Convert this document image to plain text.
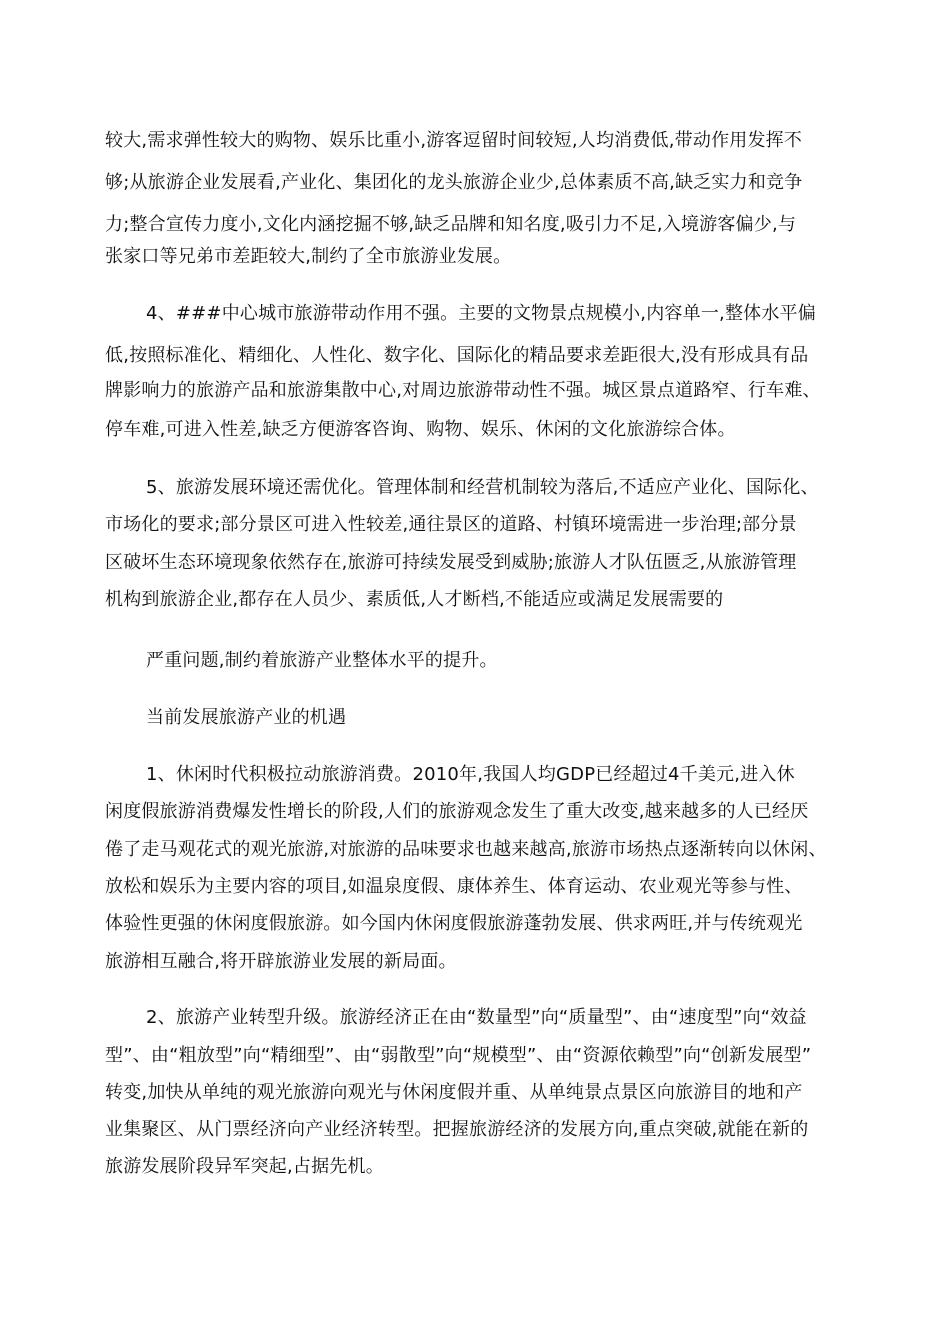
较大,需求弹性较大的购物、娱乐比重小,游客逗留时间较短,人均消费低,带动作用发挥不
够;从旅游企业发展看,产业化、集团化的龙头旅游企业少,总体素质不高,缺乏实力和竞争
力;整合宣传力度小,文化内涵挖掘不够,缺乏品牌和知名度,吸引力不足,入境游客偏少,与
张家口等兄弟市差距较大,制约了全市旅游业发展。
4、###中心城市旅游带动作用不强。主要的文物景点规模小,内容单一,整体水平偏
低,按照标准化、精细化、人性化、数字化、国际化的精品要求差距很大,没有形成具有品
牌影响力的旅游产品和旅游集散中心,对周边旅游带动性不强。城区景点道路窄、行车难、
停车难,可进入性差,缺乏方便游客咨询、购物、娱乐、休闲的文化旅游综合体。
5、旅游发展环境还需优化。管理体制和经营机制较为落后,不适应产业化、国际化、
市场化的要求;部分景区可进入性较差,通往景区的道路、村镇环境需进一步治理;部分景
区破坏生态环境现象依然存在,旅游可持续发展受到威胁;旅游人才队伍匮乏,从旅游管理
机构到旅游企业,都存在人员少、素质低,人才断档,不能适应或满足发展需要的
严重问题,制约着旅游产业整体水平的提升。
当前发展旅游产业的机遇
1、休闲时代积极拉动旅游消费。2010年,我国人均GDP已经超过4千美元,进入休
闲度假旅游消费爆发性增长的阶段,人们的旅游观念发生了重大改变,越来越多的人已经厌
倦了走马观花式的观光旅游,对旅游的品味要求也越来越高,旅游市场热点逐渐转向以休闲、
放松和娱乐为主要内容的项目,如温泉度假、康体养生、体育运动、农业观光等参与性、
体验性更强的休闲度假旅游。如今国内休闲度假旅游蓬勃发展、供求两旺,并与传统观光
旅游相互融合,将开辟旅游业发展的新局面。
2、旅游产业转型升级。旅游经济正在由“数量型”向“质量型”、由“速度型”向“效益
型”、由“粗放型”向“精细型”、由“弱散型”向“规模型”、由“资源依赖型”向“创新发展型”
转变,加快从单纯的观光旅游向观光与休闲度假并重、从单纯景点景区向旅游目的地和产
业集聚区、从门票经济向产业经济转型。把握旅游经济的发展方向,重点突破,就能在新的
旅游发展阶段异军突起,占据先机。
